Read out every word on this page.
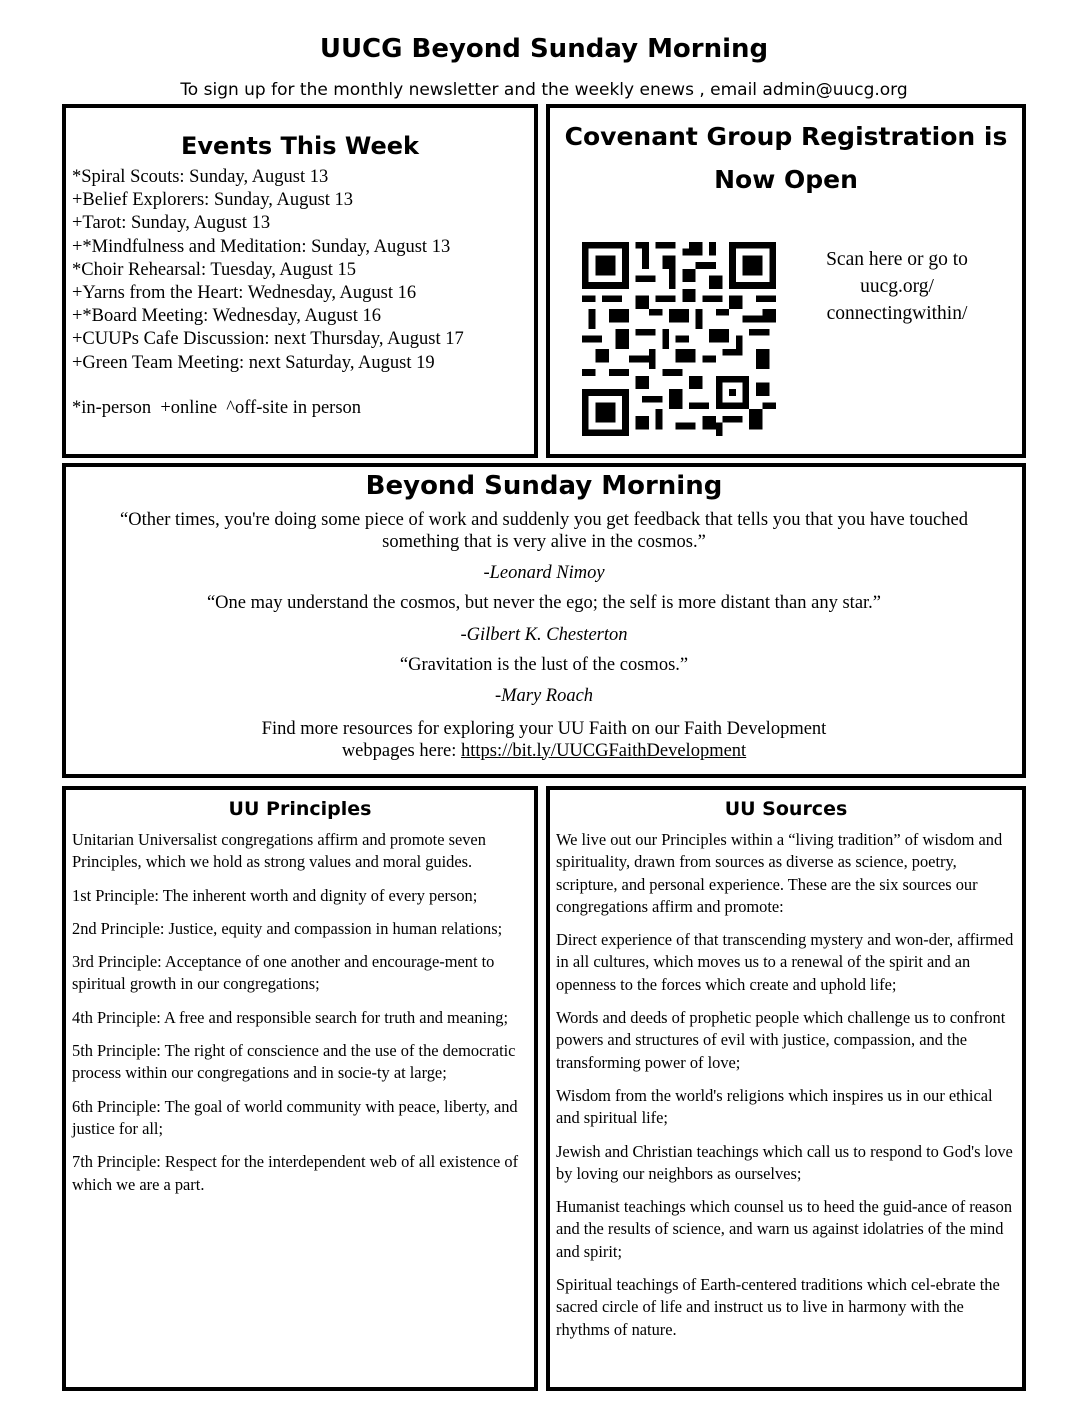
UUCG Beyond Sunday Morning
To sign up for the monthly newsletter and the weekly enews , email admin@uucg.org
Events This Week
*Spiral Scouts: Sunday, August 13
+Belief Explorers: Sunday, August 13
+Tarot: Sunday, August 13
+*Mindfulness and Meditation: Sunday, August 13
*Choir Rehearsal: Tuesday, August 15
+Yarns from the Heart: Wednesday, August 16
+*Board Meeting: Wednesday, August 16
+CUUPs Cafe Discussion: next Thursday, August 17
+Green Team Meeting: next Saturday, August 19
*in-person  +online  ^off-site in person
Covenant Group Registration is
Now Open
Scan here or go to
uucg.org/
connectingwithin/
Beyond Sunday Morning
“Other times, you're doing some piece of work and suddenly you get feedback that tells you that you have touched something that is very alive in the cosmos.”
-Leonard Nimoy
“One may understand the cosmos, but never the ego; the self is more distant than any star.”
-Gilbert K. Chesterton
“Gravitation is the lust of the cosmos.”
-Mary Roach
Find more resources for exploring your UU Faith on our Faith Development
webpages here: https://bit.ly/UUCGFaithDevelopment
UU Principles
Unitarian Universalist congregations affirm and promote seven Principles, which we hold as strong values and moral guides.
1st Principle: The inherent worth and dignity of every person;
2nd Principle: Justice, equity and compassion in human relations;
3rd Principle: Acceptance of one another and encourage-ment to spiritual growth in our congregations;
4th Principle: A free and responsible search for truth and meaning;
5th Principle: The right of conscience and the use of the democratic process within our congregations and in socie-ty at large;
6th Principle: The goal of world community with peace, liberty, and justice for all;
7th Principle: Respect for the interdependent web of all existence of which we are a part.
UU Sources
We live out our Principles within a “living tradition” of wisdom and spirituality, drawn from sources as diverse as science, poetry, scripture, and personal experience. These are the six sources our congregations affirm and promote:
Direct experience of that transcending mystery and won-der, affirmed in all cultures, which moves us to a renewal of the spirit and an openness to the forces which create and uphold life;
Words and deeds of prophetic people which challenge us to confront powers and structures of evil with justice, compassion, and the transforming power of love;
Wisdom from the world's religions which inspires us in our ethical and spiritual life;
Jewish and Christian teachings which call us to respond to God's love by loving our neighbors as ourselves;
Humanist teachings which counsel us to heed the guid-ance of reason and the results of science, and warn us against idolatries of the mind and spirit;
Spiritual teachings of Earth-centered traditions which cel-ebrate the sacred circle of life and instruct us to live in harmony with the rhythms of nature.
